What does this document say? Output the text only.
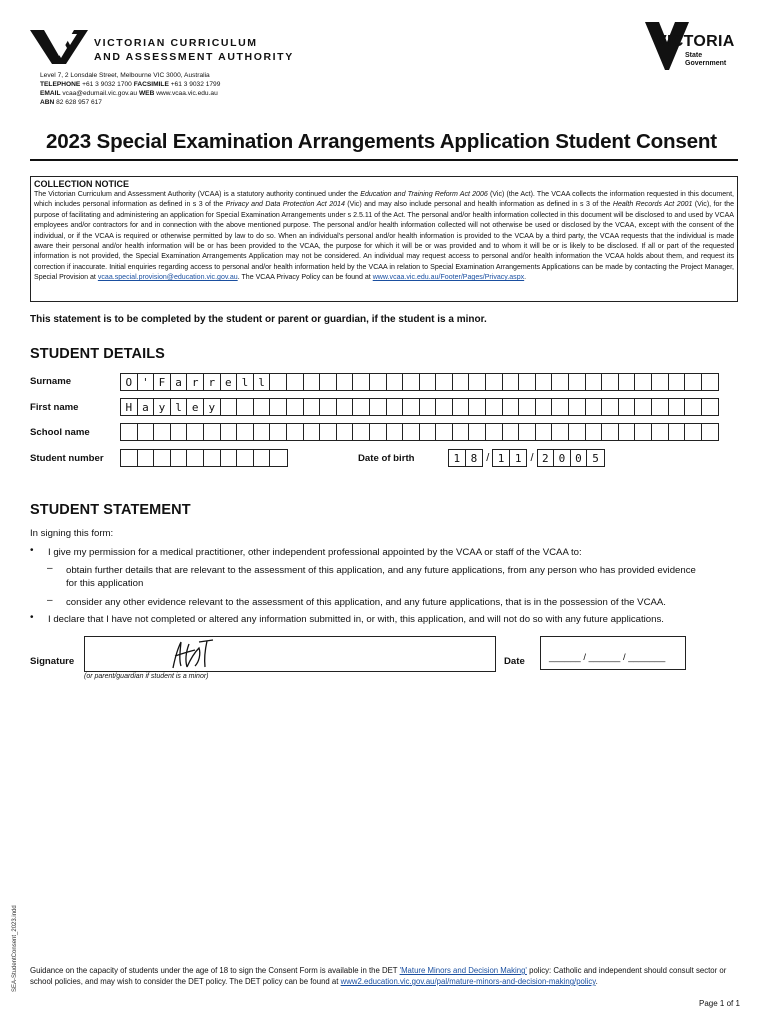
VICTORIAN CURRICULUM
AND ASSESSMENT AUTHORITY
Level 7, 2 Lonsdale Street, Melbourne VIC 3000, Australia
TELEPHONE +61 3 9032 1700 FACSIMILE +61 3 9032 1799
EMAIL vcaa@edumail.vic.gov.au WEB www.vcaa.vic.edu.au
ABN 82 628 957 617
VICTORIA
State
Government
2023 Special Examination Arrangements Application Student Consent
COLLECTION NOTICE
The Victorian Curriculum and Assessment Authority (VCAA) is a statutory authority continued under the Education and Training Reform Act 2006 (Vic) (the Act). The VCAA collects the information requested in this document, which includes personal information as defined in s 3 of the Privacy and Data Protection Act 2014 (Vic) and may also include personal and health information as defined in s 3 of the Health Records Act 2001 (Vic), for the purpose of facilitating and administering an application for Special Examination Arrangements under s 2.5.11 of the Act. The personal and/or health information collected in this document will be disclosed to and used by VCAA employees and/or contractors for and in connection with the above mentioned purpose. The personal and/or health information collected will not otherwise be used or disclosed by the VCAA, except with the consent of the individual, or if the VCAA is required or otherwise permitted by law to do so. When an individual's personal and/or health information is provided to the VCAA by a third party, the VCAA requests that the individual is made aware their personal and/or health information will be or has been provided to the VCAA, the purpose for which it will be or was provided and to whom it will be or is likely to be disclosed. If all or part of the requested information is not provided, the Special Examination Arrangements Application may not be considered. An individual may request access to personal and/or health information the VCAA holds about them, and request its correction if inaccurate. Initial enquiries regarding access to personal and/or health information held by the VCAA in relation to Special Examination Arrangements Applications can be made by contacting the Project Manager, Special Provision at vcaa.special.provision@education.vic.gov.au. The VCAA Privacy Policy can be found at www.vcaa.vic.edu.au/Footer/Pages/Privacy.aspx.
This statement is to be completed by the student or parent or guardian, if the student is a minor.
STUDENT DETAILS
Surname	O ' F a r r e l l
First name	H a y l e y
School name
Student number	Date of birth	1 8 / 1 1 / 2 0 0 5
STUDENT STATEMENT
In signing this form:
• I give my permission for a medical practitioner, other independent professional appointed by the VCAA or staff of the VCAA to:
– obtain further details that are relevant to the assessment of this application, and any future applications, from any person who has provided evidence for this application
– consider any other evidence relevant to the assessment of this application, and any future applications, that is in the possession of the VCAA.
• I declare that I have not completed or altered any information submitted in, or with, this application, and will not do so with any future applications.
Signature
(or parent/guardian if student is a minor)
Date	______ / ______ / _______
SEA-StudentConsent_2023.indd Guidance on the capacity of students under the age of 18 to sign the Consent Form is available in the DET 'Mature Minors and Decision Making' policy: Catholic and independent should consult sector or school policies, and may wish to consider the DET policy. The DET policy can be found at www2.education.vic.gov.au/pal/mature-minors-and-decision-making/policy.
Page 1 of 1
